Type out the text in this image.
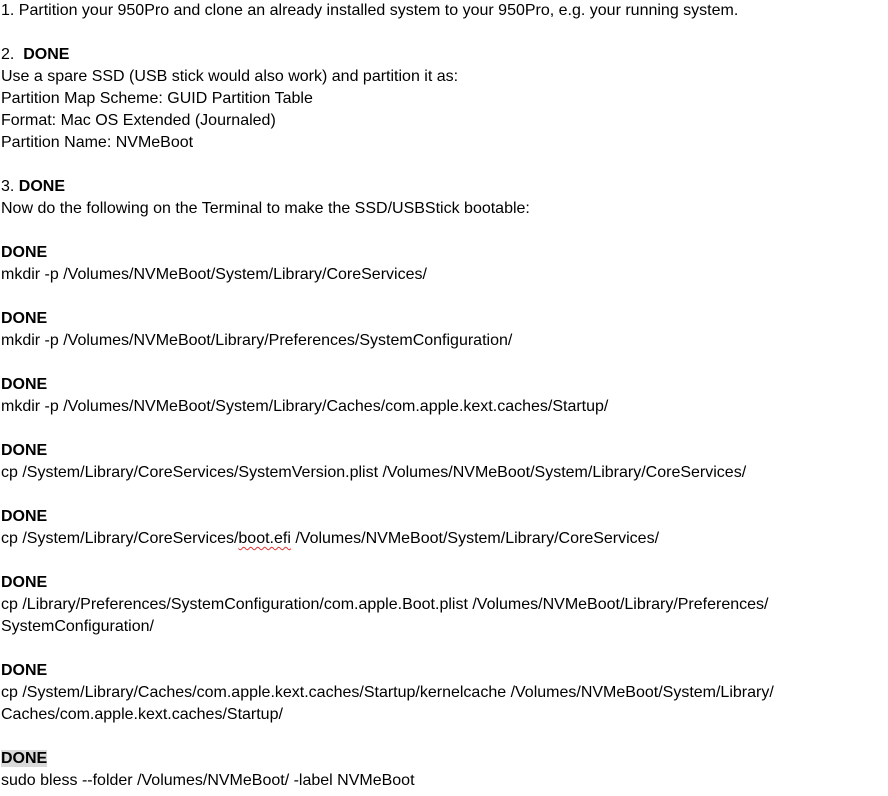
1. Partition your 950Pro and clone an already installed system to your 950Pro, e.g. your running system.
2. DONE
Use a spare SSD (USB stick would also work) and partition it as:
Partition Map Scheme: GUID Partition Table
Format: Mac OS Extended (Journaled)
Partition Name: NVMeBoot
3. DONE
Now do the following on the Terminal to make the SSD/USBStick bootable:
DONE
mkdir -p /Volumes/NVMeBoot/System/Library/CoreServices/
DONE
mkdir -p /Volumes/NVMeBoot/Library/Preferences/SystemConfiguration/
DONE
mkdir -p /Volumes/NVMeBoot/System/Library/Caches/com.apple.kext.caches/Startup/
DONE
cp /System/Library/CoreServices/SystemVersion.plist /Volumes/NVMeBoot/System/Library/CoreServices/
DONE
cp /System/Library/CoreServices/boot.efi /Volumes/NVMeBoot/System/Library/CoreServices/
DONE
cp /Library/Preferences/SystemConfiguration/com.apple.Boot.plist /Volumes/NVMeBoot/Library/Preferences/
SystemConfiguration/
DONE
cp /System/Library/Caches/com.apple.kext.caches/Startup/kernelcache /Volumes/NVMeBoot/System/Library/
Caches/com.apple.kext.caches/Startup/
DONE
sudo bless --folder /Volumes/NVMeBoot/ -label NVMeBoot
